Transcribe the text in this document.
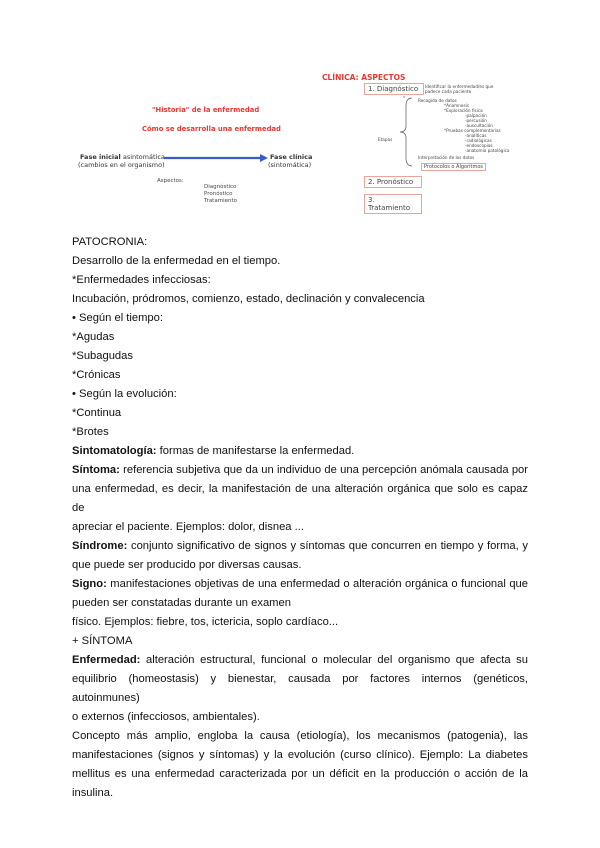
CLÍNICA: ASPECTOS
1. Diagnóstico	Identificar la enfermedad/es que
padece cada paciente
Etapas
Recogida de datos
*Anamnesis
*Exploración física
-palpación
-percusión
-auscultación
*Pruebas complementarias
-analíticas
-radiológicas
-endoscopias
-anatomía patológica
Interpretación de los datos
Protocolos o Algoritmos
2. Pronóstico
3. Tratamiento
"Historia" de la enfermedad
Cómo se desarrolla una enfermedad
Fase inicial asintomática
(cambios en el organismo)
Fase clínica
(sintomática)
Aspectos:
Diagnóstico
Pronóstico
Tratamiento
PATOCRONIA:
Desarrollo de la enfermedad en el tiempo.
*Enfermedades infecciosas:
Incubación, pródromos, comienzo, estado, declinación y convalecencia
• Según el tiempo:
*Agudas
*Subagudas
*Crónicas
• Según la evolución:
*Continua
*Brotes
Sintomatología: formas de manifestarse la enfermedad.
Síntoma: referencia subjetiva que da un individuo de una percepción anómala causada por
una enfermedad, es decir, la manifestación de una alteración orgánica que solo es capaz de
apreciar el paciente. Ejemplos: dolor, disnea ...
Síndrome: conjunto significativo de signos y síntomas que concurren en tiempo y forma, y
que puede ser producido por diversas causas.
Signo: manifestaciones objetivas de una enfermedad o alteración orgánica o funcional que
pueden ser constatadas durante un examen
físico. Ejemplos: fiebre, tos, ictericia, soplo cardíaco...
+ SÍNTOMA
Enfermedad: alteración estructural, funcional o molecular del organismo que afecta su
equilibrio (homeostasis) y bienestar, causada por factores internos (genéticos, autoinmunes)
o externos (infecciosos, ambientales).
Concepto más amplio, engloba la causa (etiología), los mecanismos (patogenia), las
manifestaciones (signos y síntomas) y la evolución (curso clínico). Ejemplo: La diabetes
mellitus es una enfermedad caracterizada por un déficit en la producción o acción de la
insulina.
